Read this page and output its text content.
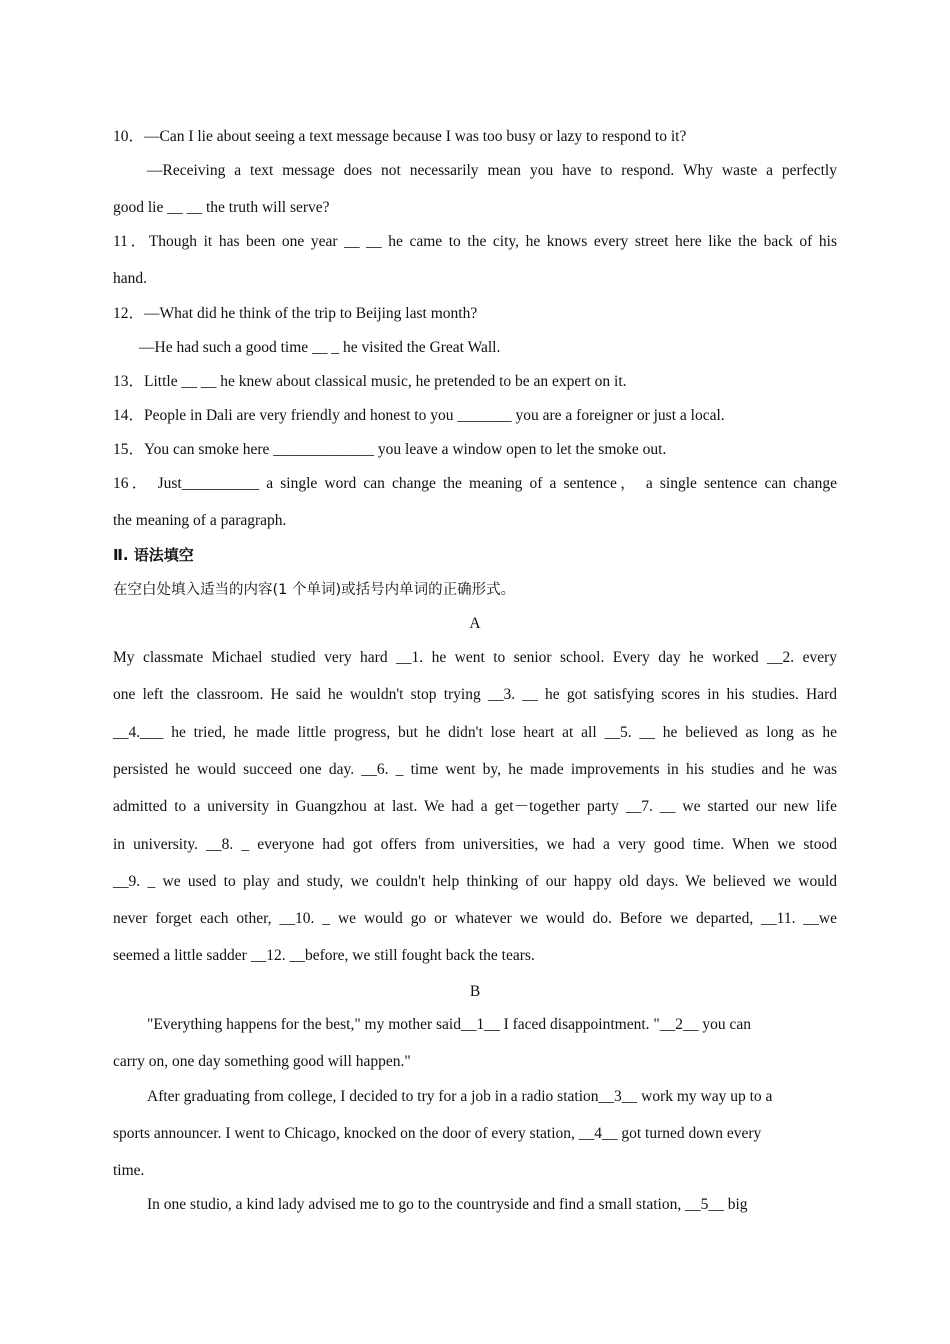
10．—Can I lie about seeing a text message because I was too busy or lazy to respond to it?
—Receiving a text message does not necessarily mean you have to respond. Why waste a perfectly
good lie __ __ the truth will serve?
11．Though it has been one year __ __ he came to the city, he knows every street here like the back of his
hand.
12．—What did he think of the trip to Beijing last month?
—He had such a good time __ _ he visited the Great Wall.
13．Little __ __ he knew about classical music, he pretended to be an expert on it.
14．People in Dali are very friendly and honest to you _______ you are a foreigner or just a local.
15．You can smoke here _____________ you leave a window open to let the smoke out.
16． Just__________ a single word can change the meaning of a sentence， a single sentence can change
the meaning of a paragraph.
Ⅱ. 语法填空
在空白处填入适当的内容(1 个单词)或括号内单词的正确形式。
A
My classmate Michael studied very hard __1. he went to senior school. Every day he worked __2. every
one left the classroom. He said he wouldn't stop trying __3. __ he got satisfying scores in his studies. Hard
__4.___ he tried, he made little progress, but he didn't lose heart at all __5. __ he believed as long as he
persisted he would succeed one day. __6. _ time went by, he made improvements in his studies and he was
admitted to a university in Guangzhou at last. We had a get－together party __7. __ we started our new life
in university. __8. _ everyone had got offers from universities, we had a very good time. When we stood
__9. _ we used to play and study, we couldn't help thinking of our happy old days. We believed we would
never forget each other, __10. _ we would go or whatever we would do. Before we departed, __11. __we
seemed a little sadder __12. __before, we still fought back the tears.
B
"Everything happens for the best," my mother said__1__ I faced disappointment. "__2__ you can
carry on, one day something good will happen."
After graduating from college, I decided to try for a job in a radio station__3__ work my way up to a
sports announcer. I went to Chicago, knocked on the door of every station, __4__ got turned down every
time.
In one studio, a kind lady advised me to go to the countryside and find a small station, __5__ big
